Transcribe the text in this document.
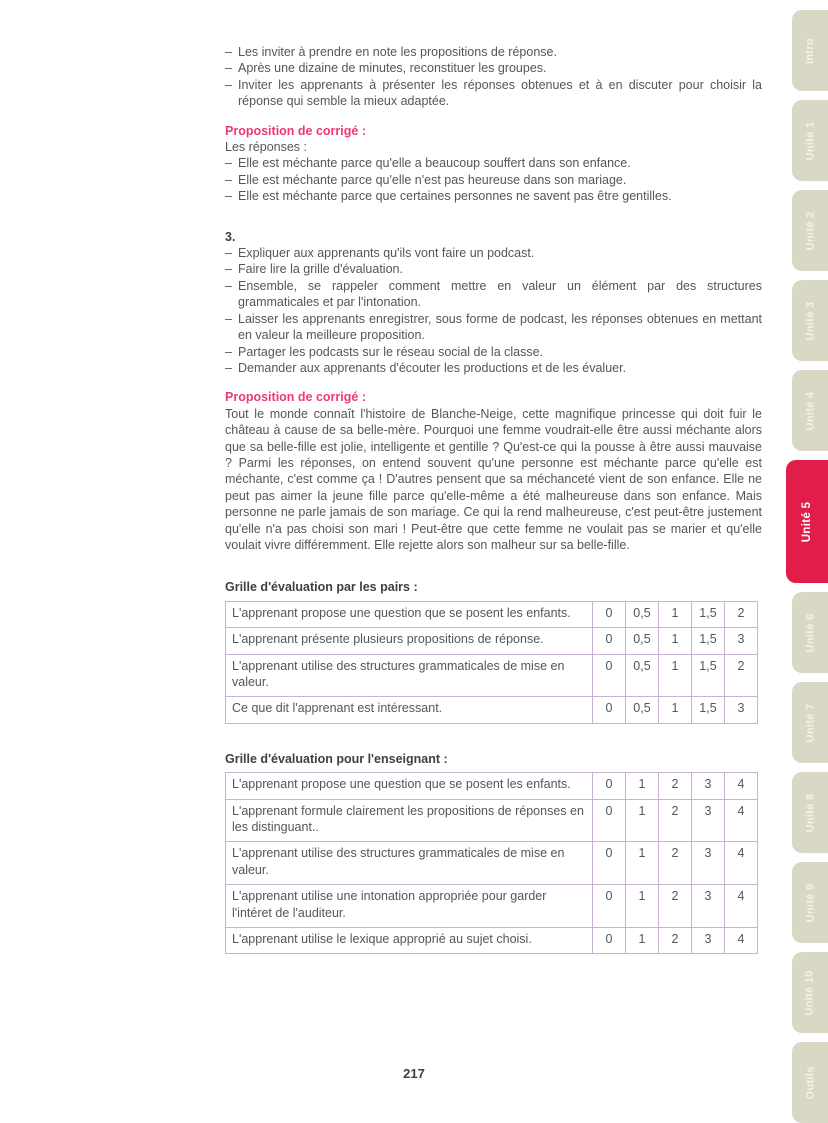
– Les inviter à prendre en note les propositions de réponse.
– Après une dizaine de minutes, reconstituer les groupes.
– Inviter les apprenants à présenter les réponses obtenues et à en discuter pour choisir la réponse qui semble la mieux adaptée.
Proposition de corrigé :
Les réponses :
– Elle est méchante parce qu'elle a beaucoup souffert dans son enfance.
– Elle est méchante parce qu'elle n'est pas heureuse dans son mariage.
– Elle est méchante parce que certaines personnes ne savent pas être gentilles.
3.
– Expliquer aux apprenants qu'ils vont faire un podcast.
– Faire lire la grille d'évaluation.
– Ensemble, se rappeler comment mettre en valeur un élément par des structures grammaticales et par l'intonation.
– Laisser les apprenants enregistrer, sous forme de podcast, les réponses obtenues en mettant en valeur la meilleure proposition.
– Partager les podcasts sur le réseau social de la classe.
– Demander aux apprenants d'écouter les productions et de les évaluer.
Proposition de corrigé :
Tout le monde connaît l'histoire de Blanche-Neige, cette magnifique princesse qui doit fuir le château à cause de sa belle-mère. Pourquoi une femme voudrait-elle être aussi méchante alors que sa belle-fille est jolie, intelligente et gentille ? Qu'est-ce qui la pousse à être aussi mauvaise ? Parmi les réponses, on entend souvent qu'une personne est méchante parce qu'elle est méchante, c'est comme ça ! D'autres pensent que sa méchanceté vient de son enfance. Elle ne peut pas aimer la jeune fille parce qu'elle-même a été malheureuse dans son enfance. Mais personne ne parle jamais de son mariage. Ce qui la rend malheureuse, c'est peut-être justement qu'elle n'a pas choisi son mari ! Peut-être que cette femme ne voulait pas se marier et qu'elle voulait vivre différemment. Elle rejette alors son malheur sur sa belle-fille.
Grille d'évaluation par les pairs :
L'apprenant propose une question que se posent les enfants.	0	0,5	1	1,5	2

L'apprenant présente plusieurs propositions de réponse.	0	0,5	1	1,5	3

L'apprenant utilise des structures grammaticales de mise en valeur.	0	0,5	1	1,5	2

Ce que dit l'apprenant est intéressant.	0	0,5	1	1,5	3
Grille d'évaluation pour l'enseignant :
L'apprenant propose une question que se posent les enfants.	0	1	2	3	4

L'apprenant formule clairement les propositions de réponses en les distinguant..	0	1	2	3	4

L'apprenant utilise des structures grammaticales de mise en valeur.	0	1	2	3	4

L'apprenant utilise une intonation appropriée pour garder l'intéret de l'auditeur.	0	1	2	3	4

L'apprenant utilise le lexique approprié au sujet choisi.	0	1	2	3	4
217
Intro
Unité 1
Unité 2
Unité 3
Unité 4
Unité 5
Unité 6
Unité 7
Unité 8
Unité 9
Unité 10
Outils
